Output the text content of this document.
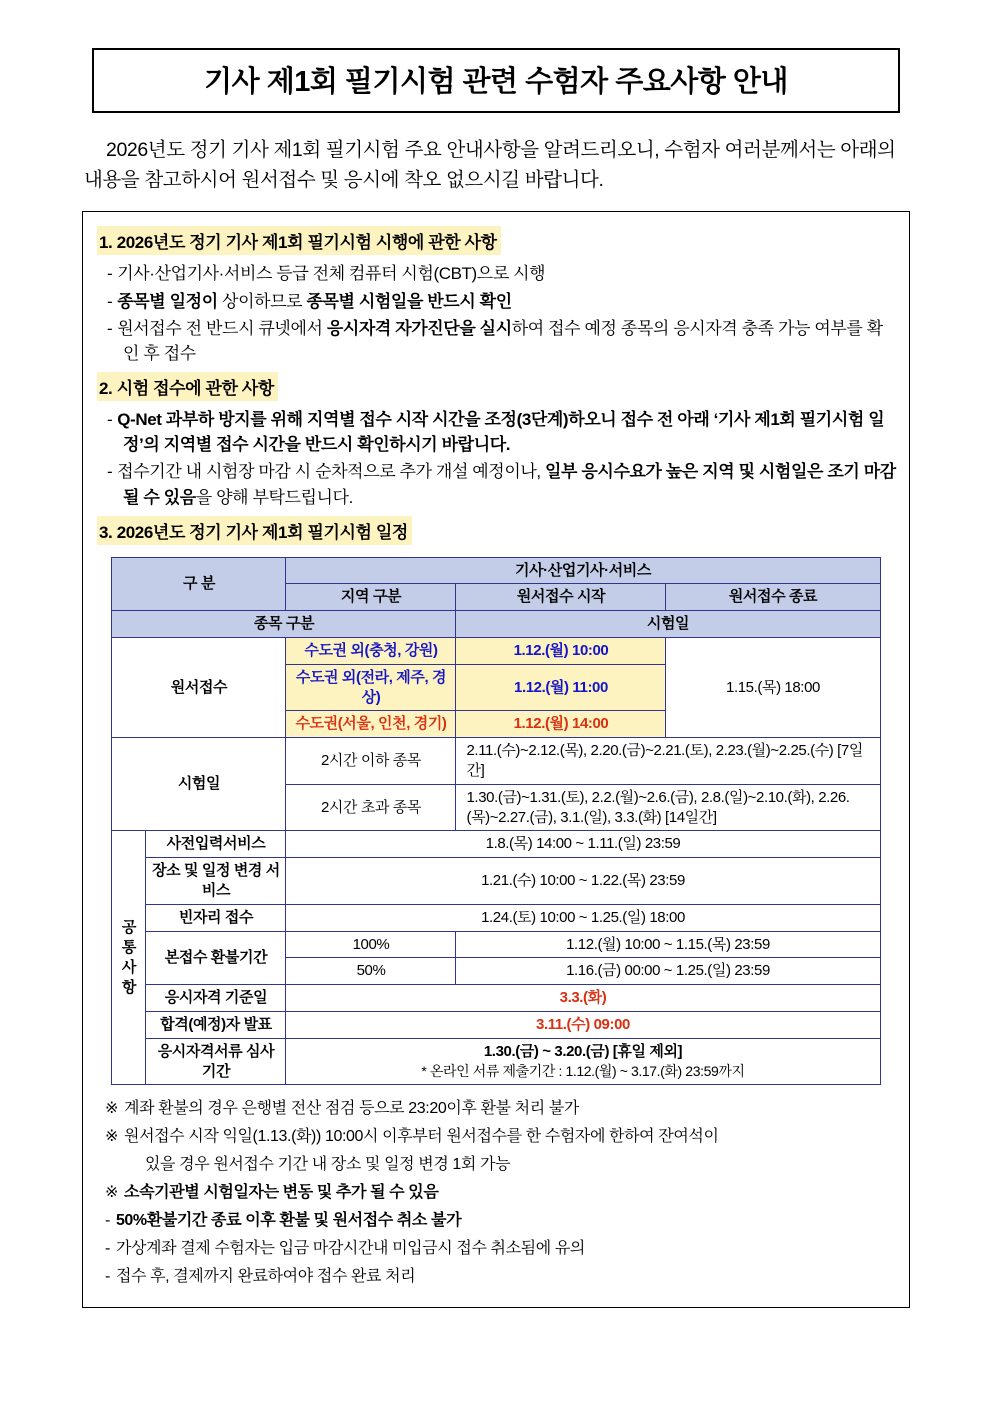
기사 제1회 필기시험 관련 수험자 주요사항 안내

2026년도 정기 기사 제1회 필기시험 주요 안내사항을 알려드리오니, 수험자 여러분께서는 아래의 내용을 참고하시어 원서접수 및 응시에 착오 없으시길 바랍니다.

1. 2026년도 정기 기사 제1회 필기시험 시행에 관한 사항
- 기사·산업기사·서비스 등급 전체 컴퓨터 시험(CBT)으로 시행
- 종목별 일정이 상이하므로 종목별 시험일을 반드시 확인
- 원서접수 전 반드시 큐넷에서 응시자격 자가진단을 실시하여 접수 예정 종목의 응시자격 충족 가능 여부를 확인 후 접수
2. 시험 접수에 관한 사항
- Q-Net 과부하 방지를 위해 지역별 접수 시작 시간을 조정(3단계)하오니 접수 전 아래 ‘기사 제1회 필기시험 일정’의 지역별 접수 시간을 반드시 확인하시기 바랍니다.
- 접수기간 내 시험장 마감 시 순차적으로 추가 개설 예정이나, 일부 응시수요가 높은 지역 및 시험일은 조기 마감될 수 있음을 양해 부탁드립니다.
3. 2026년도 정기 기사 제1회 필기시험 일정
구 분		기사·산업기사·서비스		
		지역 구분	원서접수 시작	원서접수 종료
종목 구분			시험일	
원서접수		수도권 외(충청, 강원)	1.12.(월) 10:00	1.15.(목) 18:00
		수도권 외(전라, 제주, 경상)	1.12.(월) 11:00	
		수도권(서울, 인천, 경기)	1.12.(월) 14:00	
시험일		2시간 이하 종목	2.11.(수)~2.12.(목), 2.20.(금)~2.21.(토), 2.23.(월)~2.25.(수) [7일간]	
		2시간 초과 종목	1.30.(금)~1.31.(토), 2.2.(월)~2.6.(금), 2.8.(일)~2.10.(화), 2.26.(목)~2.27.(금), 3.1.(일), 3.3.(화) [14일간]	

공
통
사
항	사전입력서비스	1.8.(목) 14:00 ~ 1.11.(일) 23:59		
	장소 및 일정 변경 서비스	1.21.(수) 10:00 ~ 1.22.(목) 23:59		
	빈자리 접수	1.24.(토) 10:00 ~ 1.25.(일) 18:00		
	본접수 환불기간	100%	1.12.(월) 10:00 ~ 1.15.(목) 23:59	
		50%	1.16.(금) 00:00 ~ 1.25.(일) 23:59	
	응시자격 기준일	3.3.(화)		
	합격(예정)자 발표	3.11.(수) 09:00		
	응시자격서류 심사 기간	1.30.(금) ~ 3.20.(금) [휴일 제외]
* 온라인 서류 제출기간 : 1.12.(월) ~ 3.17.(화) 23:59까지		
※ 계좌 환불의 경우 은행별 전산 점검 등으로 23:20이후 환불 처리 불가
※ 원서접수 시작 익일(1.13.(화)) 10:00시 이후부터 원서접수를 한 수험자에 한하여 잔여석이
있을 경우 원서접수 기간 내 장소 및 일정 변경 1회 가능
※ 소속기관별 시험일자는 변동 및 추가 될 수 있음
- 50%환불기간 종료 이후 환불 및 원서접수 취소 불가
- 가상계좌 결제 수험자는 입금 마감시간내 미입금시 접수 취소됨에 유의
- 접수 후, 결제까지 완료하여야 접수 완료 처리
